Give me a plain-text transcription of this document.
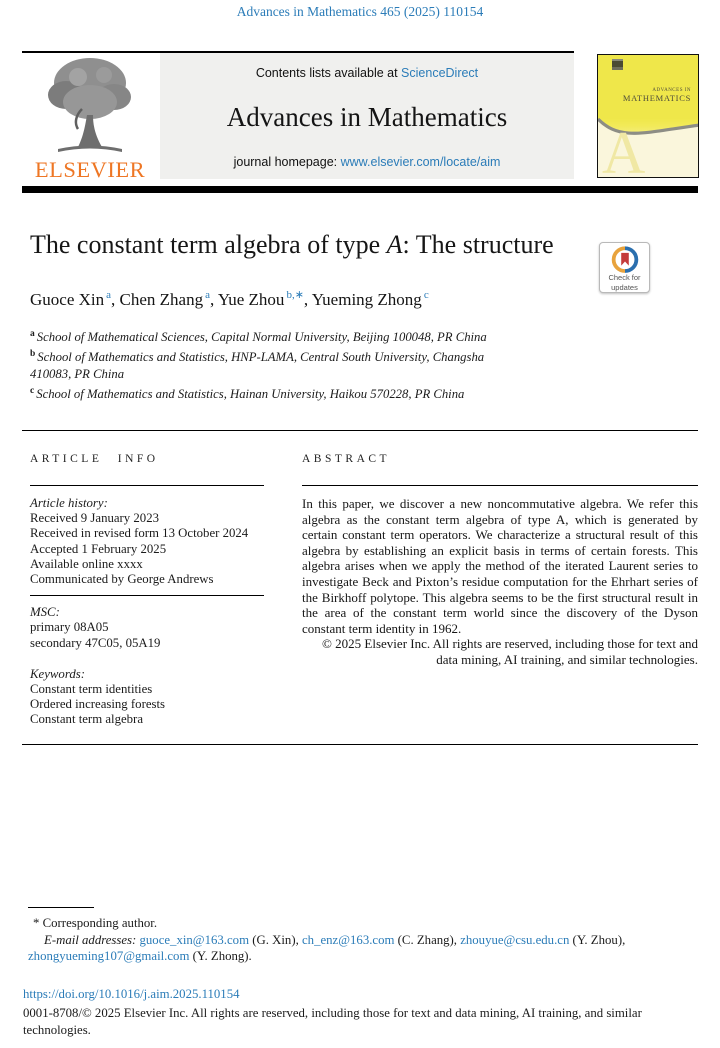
Advances in Mathematics 465 (2025) 110154
ELSEVIER
Contents lists available at ScienceDirect
Advances in Mathematics
journal homepage: www.elsevier.com/locate/aim
ADVANCES IN
MATHEMATICS
A
The constant term algebra of type A: The structure
Check for updates
Guoce Xin $^a$, Chen Zhang $^a$, Yue Zhou $^{b,∗}$, Yueming Zhong $^c$
$^a$ School of Mathematical Sciences, Capital Normal University, Beijing 100048, PR China
$^b$ School of Mathematics and Statistics, HNP-LAMA, Central South University, Changsha 410083, PR China
$^c$ School of Mathematics and Statistics, Hainan University, Haikou 570228, PR China
ARTICLE INFO
Article history:
Received 9 January 2023
Received in revised form 13 October 2024
Accepted 1 February 2025
Available online xxxx
Communicated by George Andrews
MSC:
primary 08A05
secondary 47C05, 05A19
Keywords:
Constant term identities
Ordered increasing forests
Constant term algebra
ABSTRACT

In this paper, we discover a new noncommutative algebra. We refer this algebra as the constant term algebra of type A, which is generated by certain constant term operators. We characterize a structural result of this algebra by establishing an explicit basis in terms of certain forests. This algebra arises when we apply the method of the iterated Laurent series to investigate Beck and Pixton’s residue computation for the Ehrhart series of the Birkhoff polytope. This algebra seems to be the first structural result in the area of the constant term world since the discovery of the Dyson constant term identity in 1962.

© 2025 Elsevier Inc. All rights are reserved, including those for text and data mining, AI training, and similar technologies.

* Corresponding author.

E-mail addresses: guoce_xin@163.com (G. Xin), ch_enz@163.com (C. Zhang), zhouyue@csu.edu.cn (Y. Zhou), zhongyueming107@gmail.com (Y. Zhong).

https://doi.org/10.1016/j.aim.2025.110154
0001-8708/© 2025 Elsevier Inc. All rights are reserved, including those for text and data mining, AI training, and similar technologies.
